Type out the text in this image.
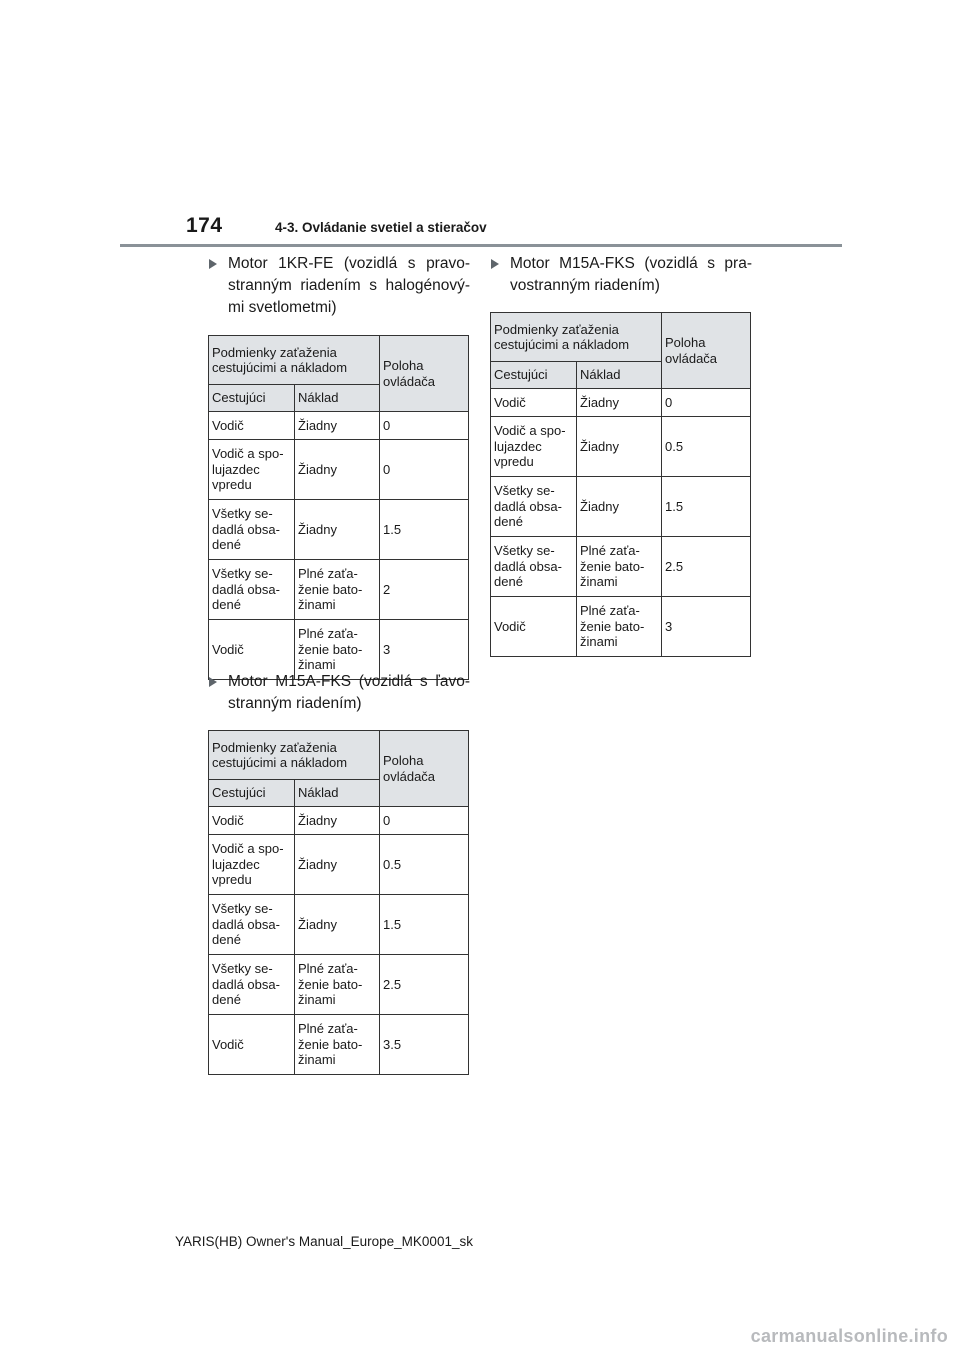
174	4-3. Ovládanie svetiel a stieračov
Motor 1KR-FE (vozidlá s pravo-stranným riadením s halogénový-mi svetlometmi)
Podmienky zaťaženia cestujúcimi a nákladom		Poloha ovládača
Cestujúci	Náklad	
Vodič	Žiadny	0
Vodič a spo-lujazdec vpredu	Žiadny	0
Všetky se-dadlá obsa-dené	Žiadny	1.5
Všetky se-dadlá obsa-dené	Plné zaťa-ženie bato-žinami	2
Vodič	Plné zaťa-ženie bato-žinami	3
Motor M15A-FKS (vozidlá s ľavo-stranným riadením)
Podmienky zaťaženia cestujúcimi a nákladom		Poloha ovládača
Cestujúci	Náklad	
Vodič	Žiadny	0
Vodič a spo-lujazdec vpredu	Žiadny	0.5
Všetky se-dadlá obsa-dené	Žiadny	1.5
Všetky se-dadlá obsa-dené	Plné zaťa-ženie bato-žinami	2.5
Vodič	Plné zaťa-ženie bato-žinami	3.5
Motor M15A-FKS (vozidlá s pra-vostranným riadením)
Podmienky zaťaženia cestujúcimi a nákladom		Poloha ovládača
Cestujúci	Náklad	
Vodič	Žiadny	0
Vodič a spo-lujazdec vpredu	Žiadny	0.5
Všetky se-dadlá obsa-dené	Žiadny	1.5
Všetky se-dadlá obsa-dené	Plné zaťa-ženie bato-žinami	2.5
Vodič	Plné zaťa-ženie bato-žinami	3
YARIS(HB) Owner's Manual_Europe_MK0001_sk
carmanualsonline.info
